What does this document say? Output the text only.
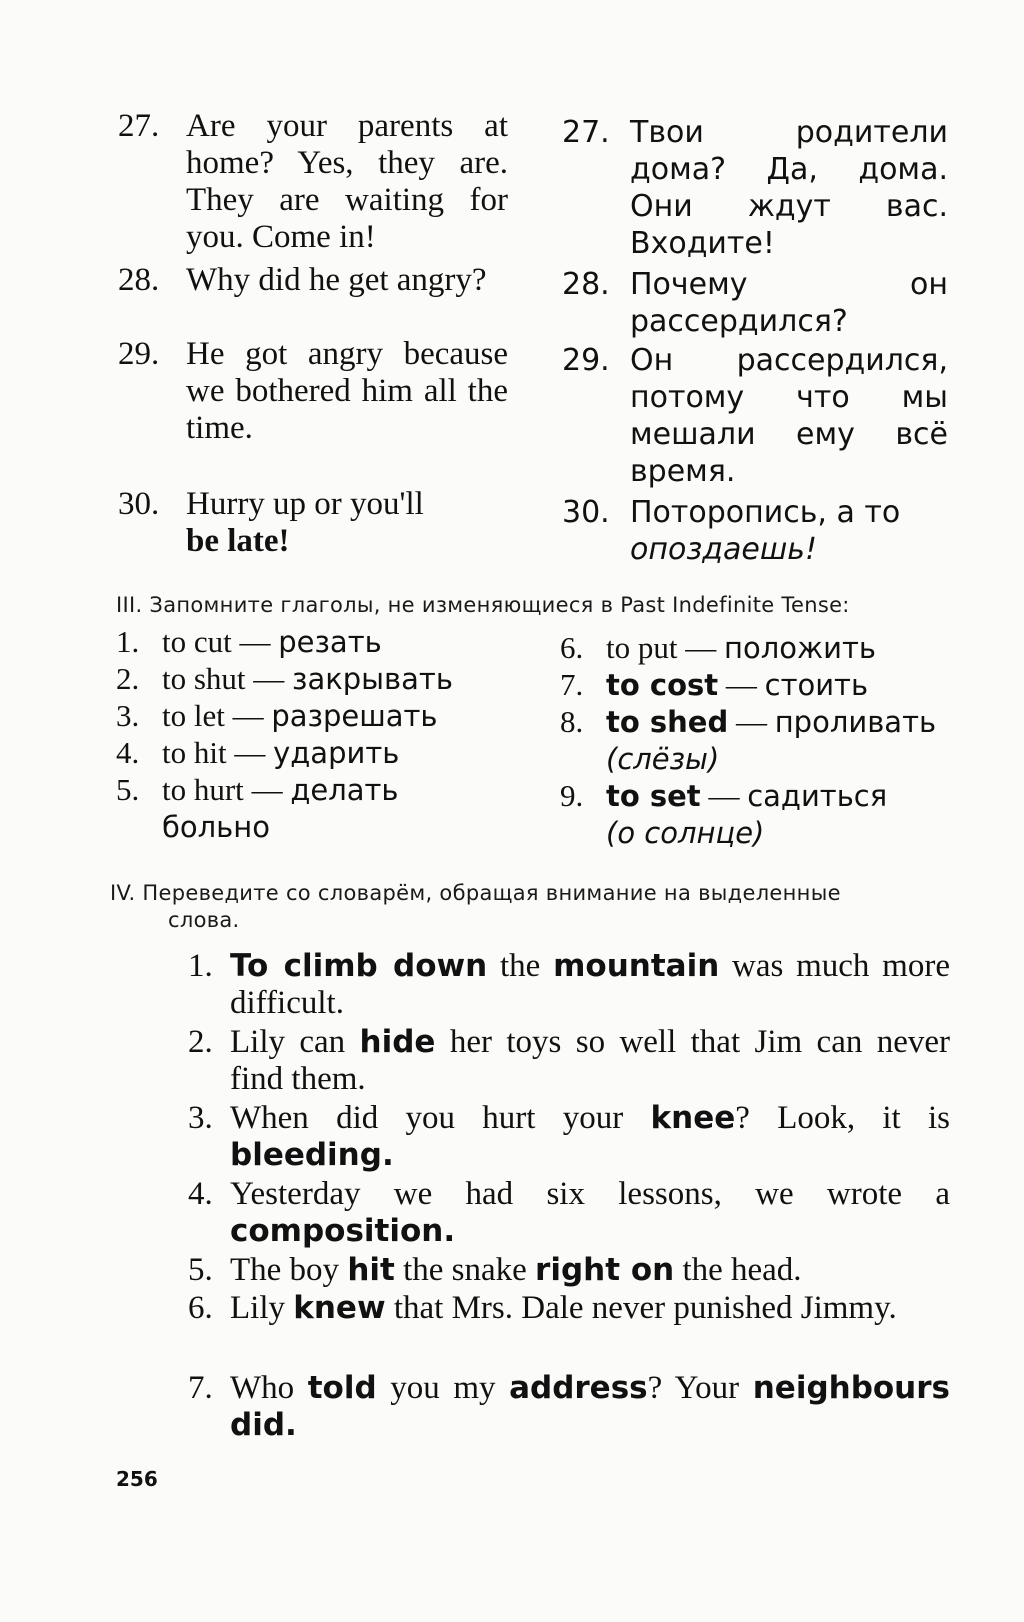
27. Are your parents at home? Yes, they are. They are waiting for you. Come in!
27. Твои родители дома? Да, дома. Они ждут вас. Входите!
28. Why did he get angry?	28. Почему он рассердился?
29. He got angry because we bothered him all the time.
29. Он рассердился, потому что мы мешали ему всё время.
30. Hurry up or you'll
be late!
30. Поторопись, а то
опоздаешь!
III. Запомните глаголы, не изменяющиеся в Past Indefinite Tense:
1. to cut — резать
2. to shut — закрывать
3. to let — разрешать
4. to hit — ударить
5. to hurt — делать
больно
6. to put — положить
7. to cost — стоить
8. to shed — проливать
(слёзы)
9. to set — садиться
(о солнце)
IV. Переведите со словарём, обращая внимание на выделенные
слова.
1. To climb down the mountain was much more difficult.
2. Lily can hide her toys so well that Jim can never find them.
3. When did you hurt your knee? Look, it is bleeding.
4. Yesterday we had six lessons, we wrote a composition.
5. The boy hit the snake right on the head.
6. Lily knew that Mrs. Dale never punished Jimmy.
7. Who told you my address? Your neighbours did.
256
